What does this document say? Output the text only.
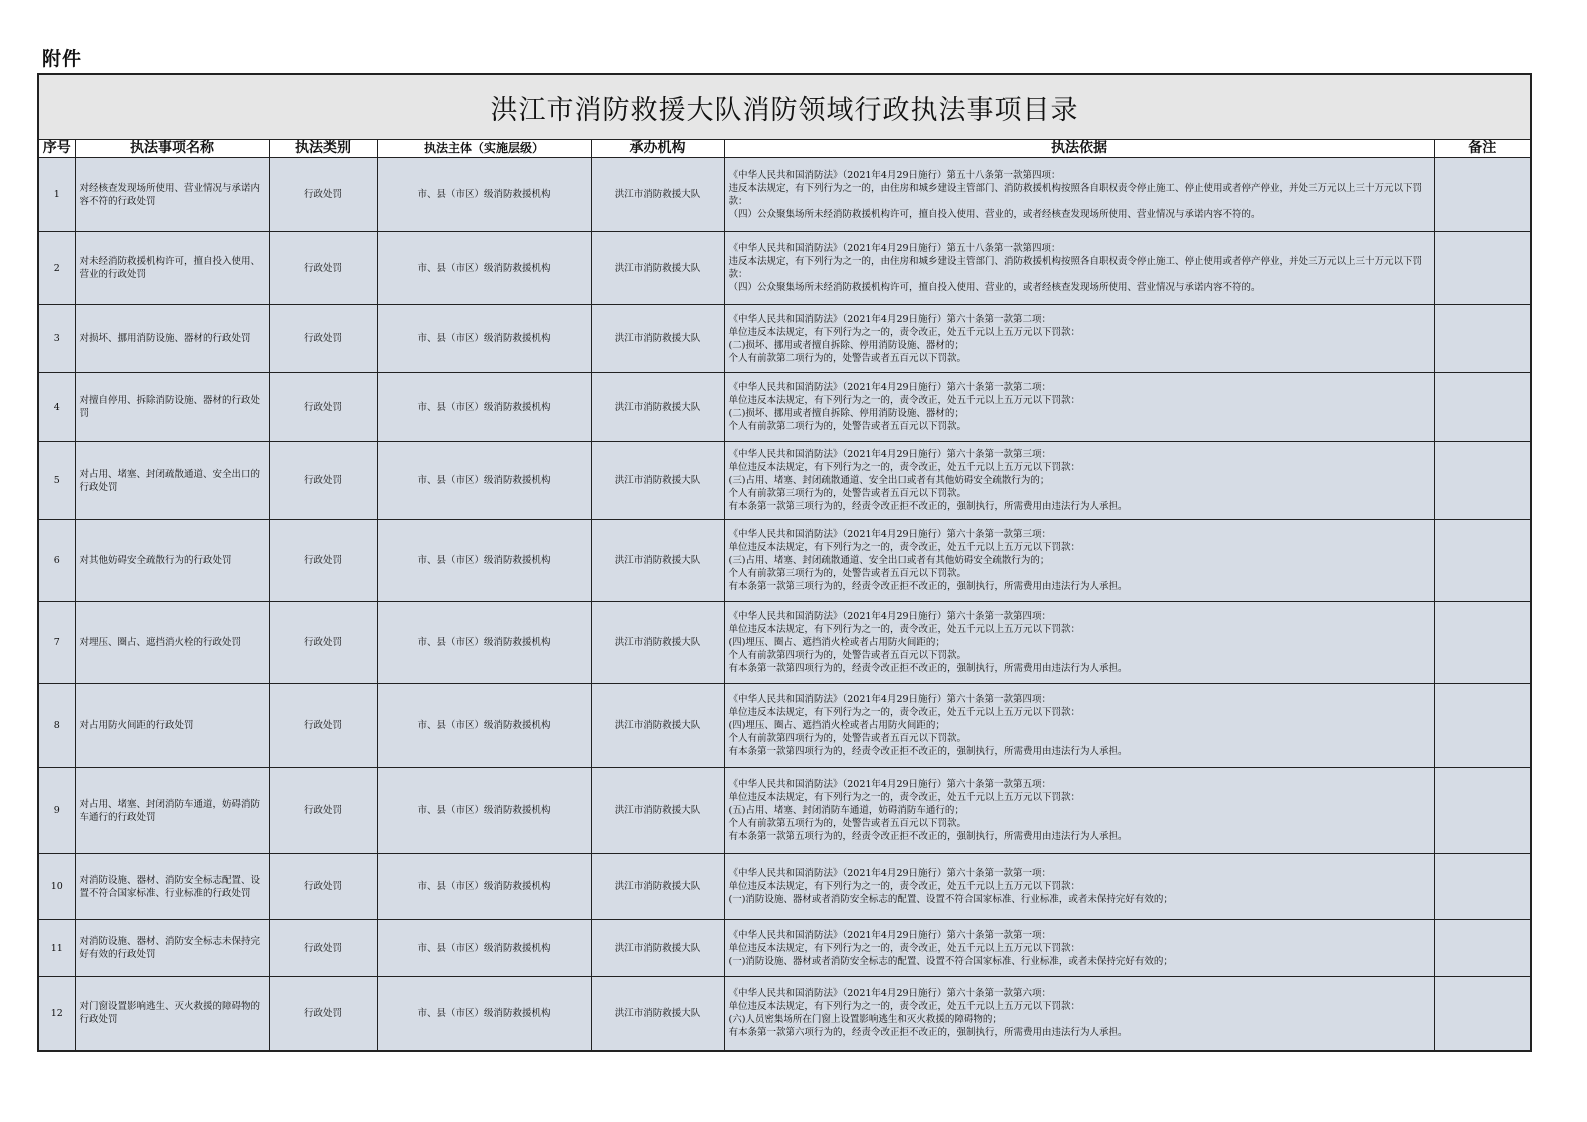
附件
洪江市消防救援大队消防领域行政执法事项目录						
序号	执法事项名称	执法类别	执法主体（实施层级）	承办机构	执法依据	备注
1	对经核查发现场所使用、营业情况与承诺内容不符的行政处罚	行政处罚	市、县（市区）级消防救援机构	洪江市消防救援大队	《中华人民共和国消防法》（2021年4月29日施行）第五十八条第一款第四项：
违反本法规定，有下列行为之一的，由住房和城乡建设主管部门、消防救援机构按照各自职权责令停止施工、停止使用或者停产停业，并处三万元以上三十万元以下罚款：
（四）公众聚集场所未经消防救援机构许可，擅自投入使用、营业的，或者经核查发现场所使用、营业情况与承诺内容不符的。	

2	对未经消防救援机构许可，擅自投入使用、营业的行政处罚	行政处罚	市、县（市区）级消防救援机构	洪江市消防救援大队	《中华人民共和国消防法》（2021年4月29日施行）第五十八条第一款第四项：
违反本法规定，有下列行为之一的，由住房和城乡建设主管部门、消防救援机构按照各自职权责令停止施工、停止使用或者停产停业，并处三万元以上三十万元以下罚款：
（四）公众聚集场所未经消防救援机构许可，擅自投入使用、营业的，或者经核查发现场所使用、营业情况与承诺内容不符的。	

3	对损坏、挪用消防设施、器材的行政处罚	行政处罚	市、县（市区）级消防救援机构	洪江市消防救援大队	《中华人民共和国消防法》（2021年4月29日施行）第六十条第一款第二项：
单位违反本法规定，有下列行为之一的，责令改正，处五千元以上五万元以下罚款：
(二)损坏、挪用或者擅自拆除、停用消防设施、器材的；
个人有前款第二项行为的，处警告或者五百元以下罚款。	

4	对擅自停用、拆除消防设施、器材的行政处罚	行政处罚	市、县（市区）级消防救援机构	洪江市消防救援大队	《中华人民共和国消防法》（2021年4月29日施行）第六十条第一款第二项：
单位违反本法规定，有下列行为之一的，责令改正，处五千元以上五万元以下罚款：
(二)损坏、挪用或者擅自拆除、停用消防设施、器材的；
个人有前款第二项行为的，处警告或者五百元以下罚款。	

5	对占用、堵塞、封闭疏散通道、安全出口的行政处罚	行政处罚	市、县（市区）级消防救援机构	洪江市消防救援大队	《中华人民共和国消防法》（2021年4月29日施行）第六十条第一款第三项：
单位违反本法规定，有下列行为之一的，责令改正，处五千元以上五万元以下罚款：
(三)占用、堵塞、封闭疏散通道、安全出口或者有其他妨碍安全疏散行为的；
个人有前款第三项行为的，处警告或者五百元以下罚款。
有本条第一款第三项行为的，经责令改正拒不改正的，强制执行，所需费用由违法行为人承担。	

6	对其他妨碍安全疏散行为的行政处罚	行政处罚	市、县（市区）级消防救援机构	洪江市消防救援大队	《中华人民共和国消防法》（2021年4月29日施行）第六十条第一款第三项：
单位违反本法规定，有下列行为之一的，责令改正，处五千元以上五万元以下罚款：
(三)占用、堵塞、封闭疏散通道、安全出口或者有其他妨碍安全疏散行为的；
个人有前款第三项行为的，处警告或者五百元以下罚款。
有本条第一款第三项行为的，经责令改正拒不改正的，强制执行，所需费用由违法行为人承担。	

7	对埋压、圈占、遮挡消火栓的行政处罚	行政处罚	市、县（市区）级消防救援机构	洪江市消防救援大队	《中华人民共和国消防法》（2021年4月29日施行）第六十条第一款第四项：
单位违反本法规定，有下列行为之一的，责令改正，处五千元以上五万元以下罚款：
(四)埋压、圈占、遮挡消火栓或者占用防火间距的；
个人有前款第四项行为的，处警告或者五百元以下罚款。
有本条第一款第四项行为的，经责令改正拒不改正的，强制执行，所需费用由违法行为人承担。	

8	对占用防火间距的行政处罚	行政处罚	市、县（市区）级消防救援机构	洪江市消防救援大队	《中华人民共和国消防法》（2021年4月29日施行）第六十条第一款第四项：
单位违反本法规定，有下列行为之一的，责令改正，处五千元以上五万元以下罚款：
(四)埋压、圈占、遮挡消火栓或者占用防火间距的；
个人有前款第四项行为的，处警告或者五百元以下罚款。
有本条第一款第四项行为的，经责令改正拒不改正的，强制执行，所需费用由违法行为人承担。	

9	对占用、堵塞、封闭消防车通道，妨碍消防车通行的行政处罚	行政处罚	市、县（市区）级消防救援机构	洪江市消防救援大队	《中华人民共和国消防法》（2021年4月29日施行）第六十条第一款第五项：
单位违反本法规定，有下列行为之一的，责令改正，处五千元以上五万元以下罚款：
(五)占用、堵塞、封闭消防车通道，妨碍消防车通行的；
个人有前款第五项行为的，处警告或者五百元以下罚款。
有本条第一款第五项行为的，经责令改正拒不改正的，强制执行，所需费用由违法行为人承担。	

10	对消防设施、器材、消防安全标志配置、设置不符合国家标准、行业标准的行政处罚	行政处罚	市、县（市区）级消防救援机构	洪江市消防救援大队	《中华人民共和国消防法》（2021年4月29日施行）第六十条第一款第一项：
单位违反本法规定，有下列行为之一的，责令改正，处五千元以上五万元以下罚款：
(一)消防设施、器材或者消防安全标志的配置、设置不符合国家标准、行业标准，或者未保持完好有效的；	

11	对消防设施、器材、消防安全标志未保持完好有效的行政处罚	行政处罚	市、县（市区）级消防救援机构	洪江市消防救援大队	《中华人民共和国消防法》（2021年4月29日施行）第六十条第一款第一项：
单位违反本法规定，有下列行为之一的，责令改正，处五千元以上五万元以下罚款：
(一)消防设施、器材或者消防安全标志的配置、设置不符合国家标准、行业标准，或者未保持完好有效的；	

12	对门窗设置影响逃生、灭火救援的障碍物的行政处罚	行政处罚	市、县（市区）级消防救援机构	洪江市消防救援大队	《中华人民共和国消防法》（2021年4月29日施行）第六十条第一款第六项：
单位违反本法规定，有下列行为之一的，责令改正，处五千元以上五万元以下罚款：
(六)人员密集场所在门窗上设置影响逃生和灭火救援的障碍物的；
有本条第一款第六项行为的，经责令改正拒不改正的，强制执行，所需费用由违法行为人承担。	
